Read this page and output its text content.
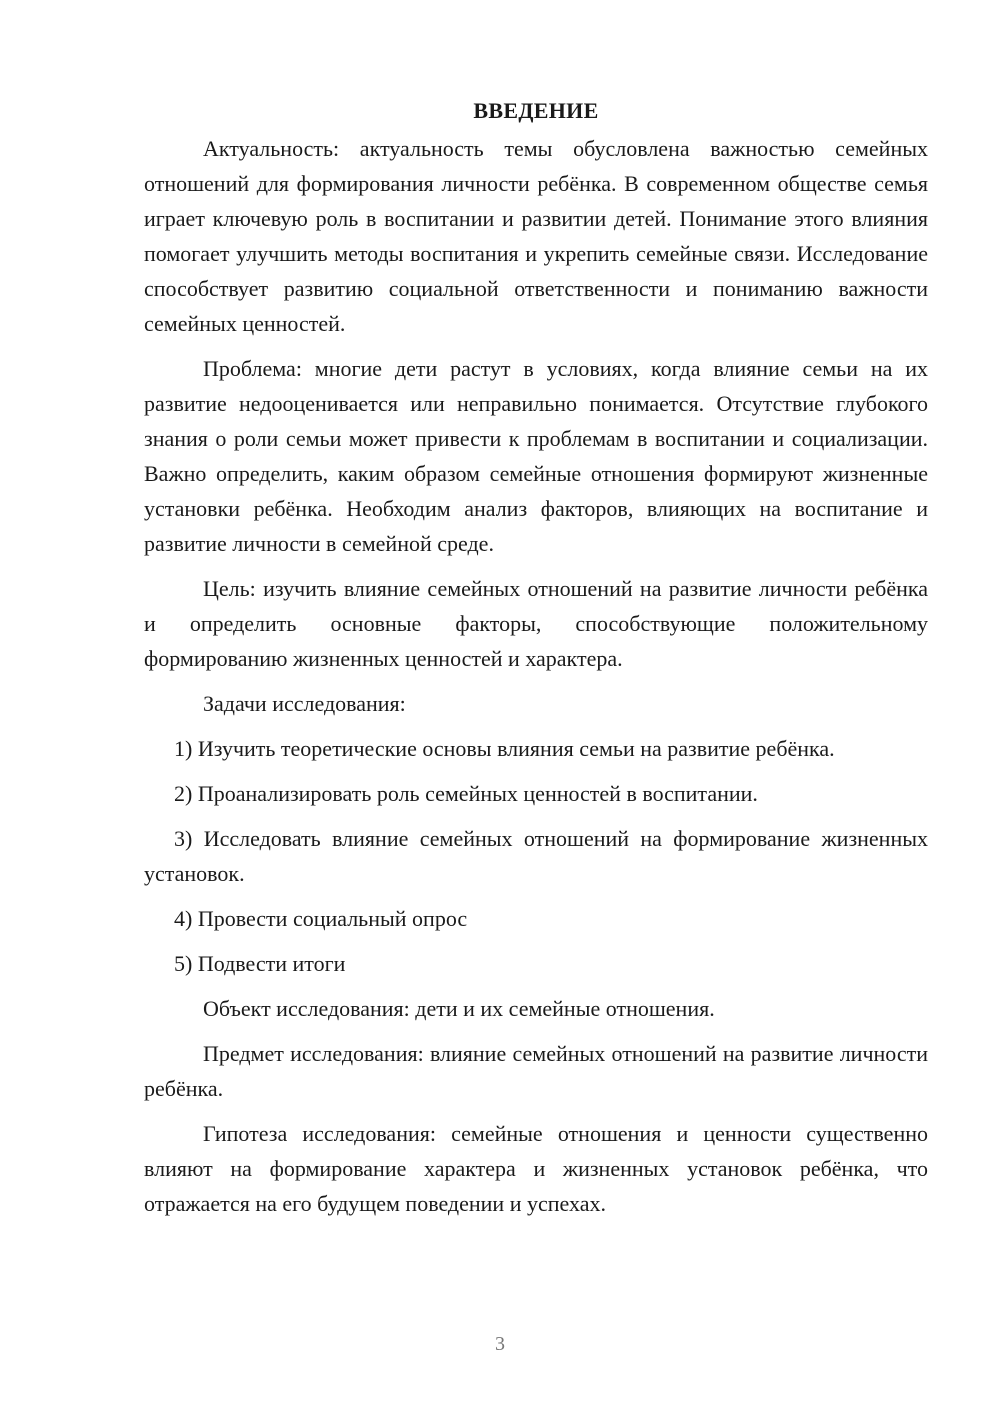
ВВЕДЕНИЕ
Актуальность: актуальность темы обусловлена важностью семейных отношений для формирования личности ребёнка. В современном обществе семья играет ключевую роль в воспитании и развитии детей. Понимание этого влияния помогает улучшить методы воспитания и укрепить семейные связи. Исследование способствует развитию социальной ответственности и пониманию важности семейных ценностей.
Проблема: многие дети растут в условиях, когда влияние семьи на их развитие недооценивается или неправильно понимается. Отсутствие глубокого знания о роли семьи может привести к проблемам в воспитании и социализации. Важно определить, каким образом семейные отношения формируют жизненные установки ребёнка. Необходим анализ факторов, влияющих на воспитание и развитие личности в семейной среде.
Цель: изучить влияние семейных отношений на развитие личности ребёнка и определить основные факторы, способствующие положительному формированию жизненных ценностей и характера.
Задачи исследования:
1) Изучить теоретические основы влияния семьи на развитие ребёнка.
2) Проанализировать роль семейных ценностей в воспитании.
3) Исследовать влияние семейных отношений на формирование жизненных установок.
4) Провести социальный опрос
5) Подвести итоги
Объект исследования: дети и их семейные отношения.
Предмет исследования: влияние семейных отношений на развитие личности ребёнка.
Гипотеза исследования: семейные отношения и ценности существенно влияют на формирование характера и жизненных установок ребёнка, что отражается на его будущем поведении и успехах.
3
